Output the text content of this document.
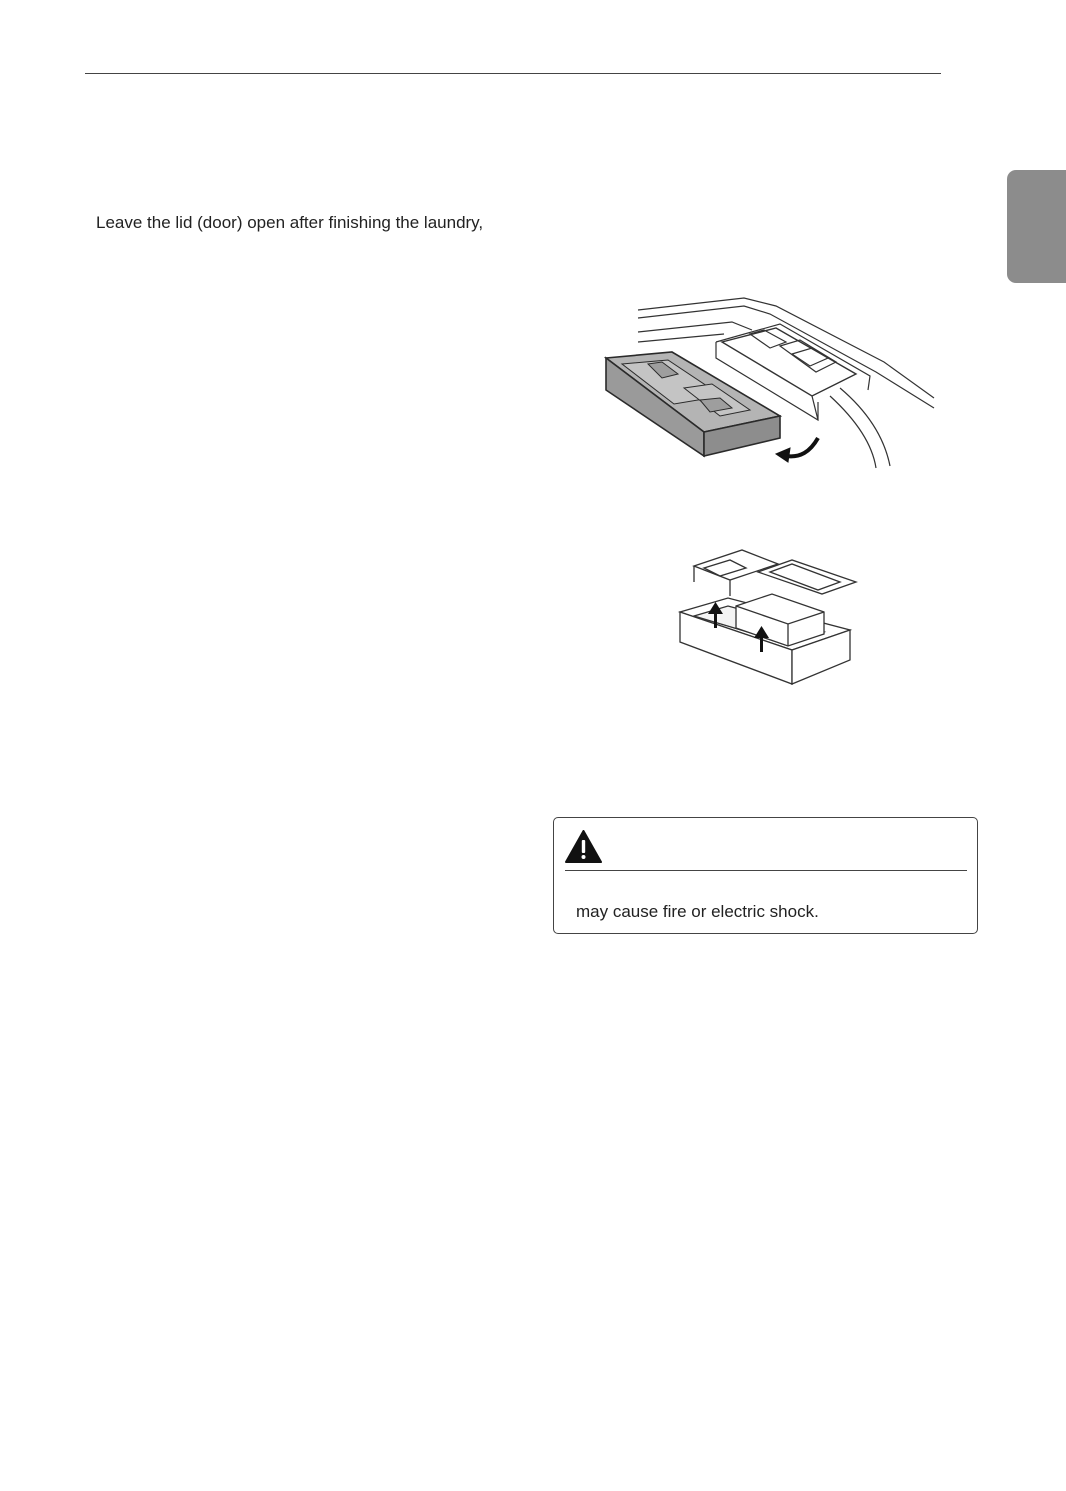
Leave the lid (door) open after finishing the laundry,

may cause fire or electric shock.
